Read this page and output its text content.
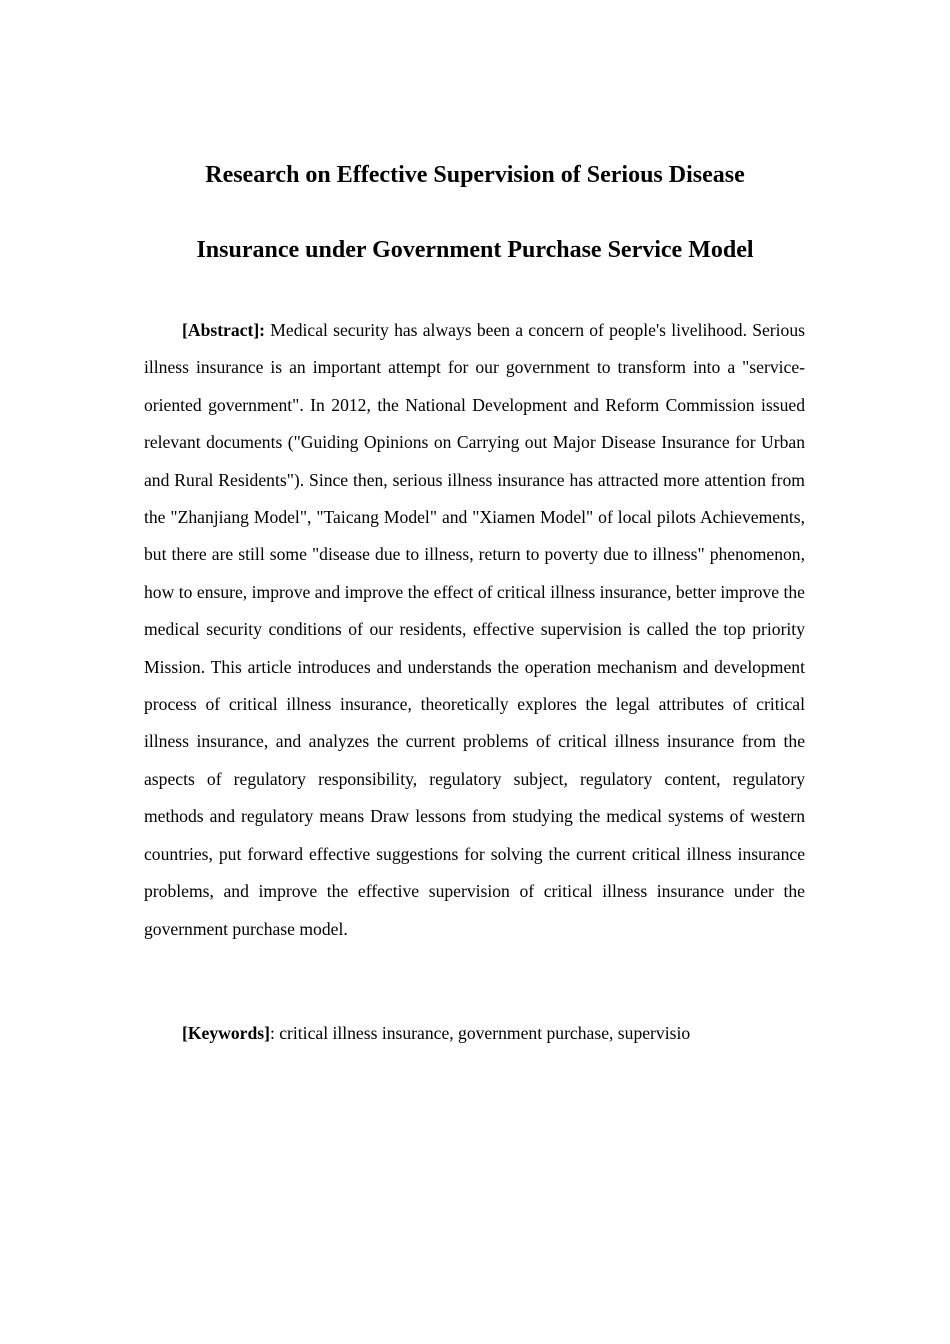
Research on Effective Supervision of Serious Disease
Insurance under Government Purchase Service Model

[Abstract]: Medical security has always been a concern of people's livelihood. Serious illness insurance is an important attempt for our government to transform into a "service-oriented government". In 2012, the National Development and Reform Commission issued relevant documents ("Guiding Opinions on Carrying out Major Disease Insurance for Urban and Rural Residents"). Since then, serious illness insurance has attracted more attention from the "Zhanjiang Model", "Taicang Model" and "Xiamen Model" of local pilots Achievements, but there are still some "disease due to illness, return to poverty due to illness" phenomenon, how to ensure, improve and improve the effect of critical illness insurance, better improve the medical security conditions of our residents, effective supervision is called the top priority Mission. This article introduces and understands the operation mechanism and development process of critical illness insurance, theoretically explores the legal attributes of critical illness insurance, and analyzes the current problems of critical illness insurance from the aspects of regulatory responsibility, regulatory subject, regulatory content, regulatory methods and regulatory means Draw lessons from studying the medical systems of western countries, put forward effective suggestions for solving the current critical illness insurance problems, and improve the effective supervision of critical illness insurance under the government purchase model.

[Keywords]: critical illness insurance, government purchase, supervisio
